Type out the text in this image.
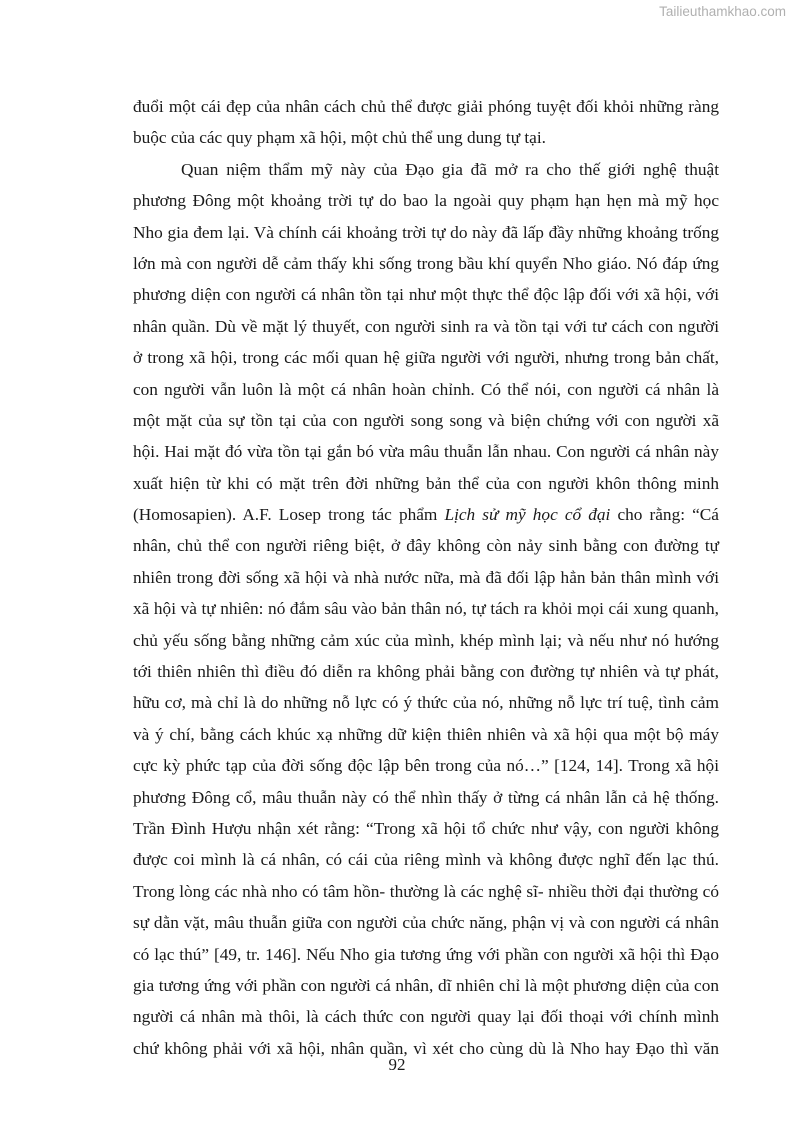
Tailieuthamkhao.com
đuổi một cái đẹp của nhân cách chủ thể được giải phóng tuyệt đối khỏi những ràng
buộc của các quy phạm xã hội, một chủ thể ung dung tự tại.
Quan niệm thẩm mỹ này của Đạo gia đã mở ra cho thế giới nghệ thuật
phương Đông một khoảng trời tự do bao la ngoài quy phạm hạn hẹn mà mỹ học
Nho gia đem lại. Và chính cái khoảng trời tự do này đã lấp đầy những khoảng trống
lớn mà con người dễ cảm thấy khi sống trong bầu khí quyển Nho giáo. Nó đáp ứng
phương diện con người cá nhân tồn tại như một thực thể độc lập đối với xã hội, với
nhân quần. Dù về mặt lý thuyết, con người sinh ra và tồn tại với tư cách con người
ở trong xã hội, trong các mối quan hệ giữa người với người, nhưng trong bản chất,
con người vẫn luôn là một cá nhân hoàn chỉnh. Có thể nói, con người cá nhân là
một mặt của sự tồn tại của con người song song và biện chứng với con người xã
hội. Hai mặt đó vừa tồn tại gắn bó vừa mâu thuẫn lẫn nhau. Con người cá nhân này
xuất hiện từ khi có mặt trên đời những bản thể của con người khôn thông minh
(Homosapien). A.F. Losep trong tác phẩm Lịch sử mỹ học cổ đại cho rằng: “Cá
nhân, chủ thể con người riêng biệt, ở đây không còn nảy sinh bằng con đường tự
nhiên trong đời sống xã hội và nhà nước nữa, mà đã đối lập hẳn bản thân mình với
xã hội và tự nhiên: nó đắm sâu vào bản thân nó, tự tách ra khỏi mọi cái xung quanh,
chủ yếu sống bằng những cảm xúc của mình, khép mình lại; và nếu như nó hướng
tới thiên nhiên thì điều đó diễn ra không phải bằng con đường tự nhiên và tự phát,
hữu cơ, mà chỉ là do những nỗ lực có ý thức của nó, những nỗ lực trí tuệ, tình cảm
và ý chí, bằng cách khúc xạ những dữ kiện thiên nhiên và xã hội qua một bộ máy
cực kỳ phức tạp của đời sống độc lập bên trong của nó…” [124, 14]. Trong xã hội
phương Đông cổ, mâu thuẫn này có thể nhìn thấy ở từng cá nhân lẫn cả hệ thống.
Trần Đình Hượu nhận xét rằng: “Trong xã hội tổ chức như vậy, con người không
được coi mình là cá nhân, có cái của riêng mình và không được nghĩ đến lạc thú.
Trong lòng các nhà nho có tâm hồn- thường là các nghệ sĩ- nhiều thời đại thường có
sự dằn vặt, mâu thuẫn giữa con người của chức năng, phận vị và con người cá nhân
có lạc thú” [49, tr. 146]. Nếu Nho gia tương ứng với phần con người xã hội thì Đạo
gia tương ứng với phần con người cá nhân, dĩ nhiên chỉ là một phương diện của con
người cá nhân mà thôi, là cách thức con người quay lại đối thoại với chính mình
chứ không phải với xã hội, nhân quần, vì xét cho cùng dù là Nho hay Đạo thì văn
92
